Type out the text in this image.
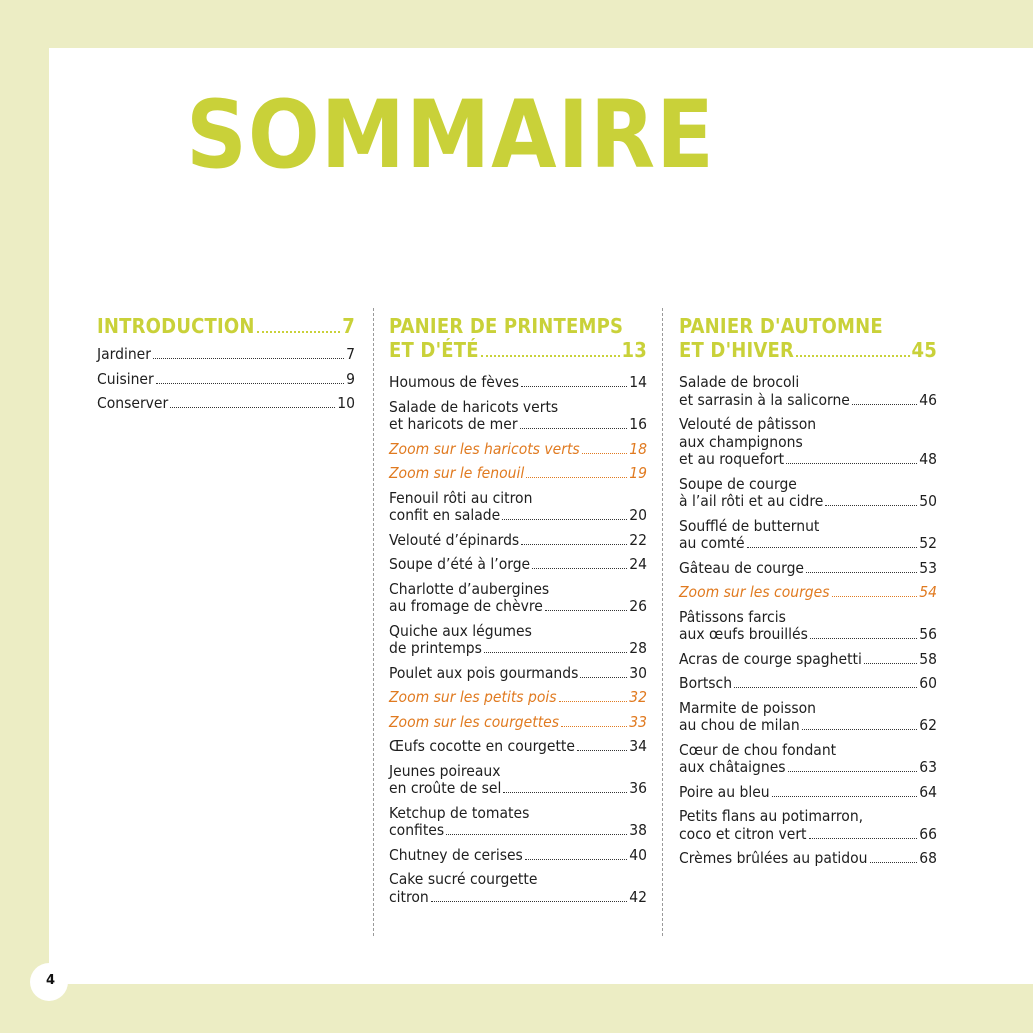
4
SOMMAIRE
INTRODUCTION	7
Jardiner	7
Cuisiner	9
Conserver	10
PANIER DE PRINTEMPS
ET D'ÉTÉ	13
Houmous de fèves	14
Salade de haricots verts
et haricots de mer	16
Zoom sur les haricots verts	18
Zoom sur le fenouil	19
Fenouil rôti au citron
confit en salade	20
Velouté d’épinards	22
Soupe d’été à l’orge	24
Charlotte d’aubergines
au fromage de chèvre	26
Quiche aux légumes
de printemps	28
Poulet aux pois gourmands	30
Zoom sur les petits pois	32
Zoom sur les courgettes	33
Œufs cocotte en courgette	34
Jeunes poireaux
en croûte de sel	36
Ketchup de tomates
confites	38
Chutney de cerises	40
Cake sucré courgette
citron	42
PANIER D'AUTOMNE
ET D'HIVER	45
Salade de brocoli
et sarrasin à la salicorne	46
Velouté de pâtisson
aux champignons
et au roquefort	48
Soupe de courge
à l’ail rôti et au cidre	50
Soufflé de butternut
au comté	52
Gâteau de courge	53
Zoom sur les courges	54
Pâtissons farcis
aux œufs brouillés	56
Acras de courge spaghetti	58
Bortsch	60
Marmite de poisson
au chou de milan	62
Cœur de chou fondant
aux châtaignes	63
Poire au bleu	64
Petits flans au potimarron,
coco et citron vert	66
Crèmes brûlées au patidou	68
